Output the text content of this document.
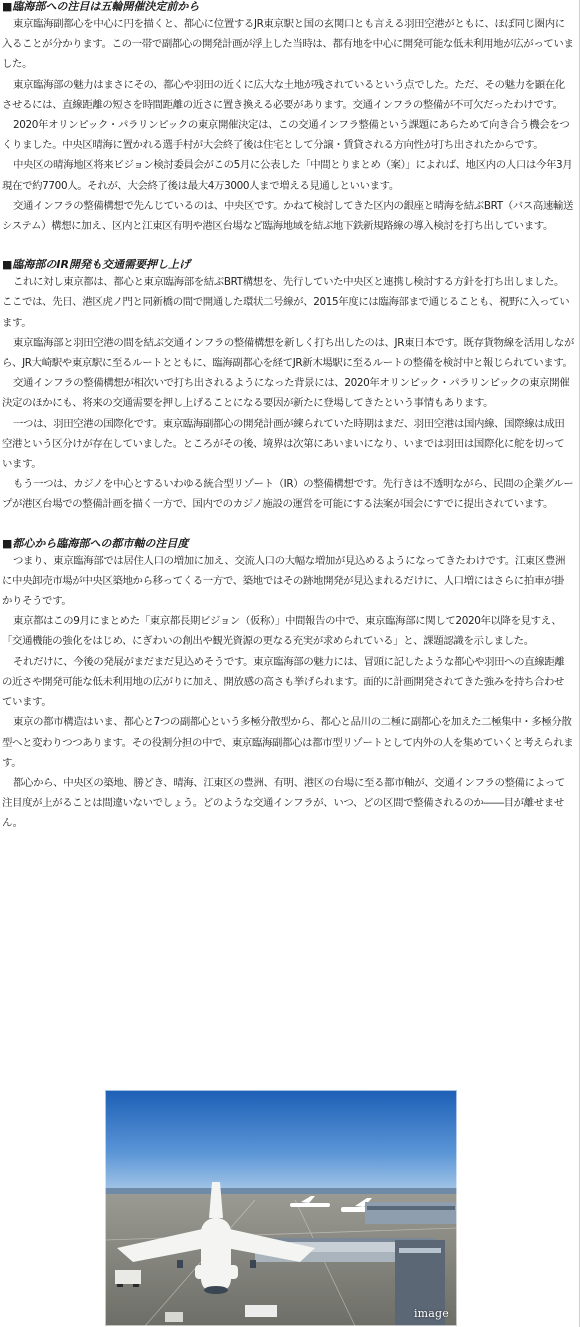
■臨海部への注目は五輪開催決定前から

東京臨海副都心を中心に円を描くと、都心に位置するJR東京駅と国の玄関口とも言える羽田空港がともに、ほぼ同じ圏内に入ることが分かります。この一帯で副都心の開発計画が浮上した当時は、都有地を中心に開発可能な低未利用地が広がっていました。

東京臨海部の魅力はまさにその、都心や羽田の近くに広大な土地が残されているという点でした。ただ、その魅力を顕在化させるには、直線距離の短さを時間距離の近さに置き換える必要があります。交通インフラの整備が不可欠だったわけです。

2020年オリンピック・パラリンピックの東京開催決定は、この交通インフラ整備という課題にあらためて向き合う機会をつくりました。中央区晴海に置かれる選手村が大会終了後は住宅として分譲・賃貸される方向性が打ち出されたからです。

中央区の晴海地区将来ビジョン検討委員会がこの5月に公表した「中間とりまとめ（案）」によれば、地区内の人口は今年3月現在で約7700人。それが、大会終了後は最大4万3000人まで増える見通しといいます。

交通インフラの整備構想で先んじているのは、中央区です。かねて検討してきた区内の銀座と晴海を結ぶBRT（バス高速輸送システム）構想に加え、区内と江東区有明や港区台場など臨海地域を結ぶ地下鉄新規路線の導入検討を打ち出しています。

■臨海部のIR開発も交通需要押し上げ

これに対し東京都は、都心と東京臨海部を結ぶBRT構想を、先行していた中央区と連携し検討する方針を打ち出しました。ここでは、先日、港区虎ノ門と同新橋の間で開通した環状二号線が、2015年度には臨海部まで通じることも、視野に入っています。

東京臨海部と羽田空港の間を結ぶ交通インフラの整備構想を新しく打ち出したのは、JR東日本です。既存貨物線を活用しながら、JR大崎駅や東京駅に至るルートとともに、臨海副都心を経てJR新木場駅に至るルートの整備を検討中と報じられています。

交通インフラの整備構想が相次いで打ち出されるようになった背景には、2020年オリンピック・パラリンピックの東京開催決定のほかにも、将来の交通需要を押し上げることになる要因が新たに登場してきたという事情もあります。

一つは、羽田空港の国際化です。東京臨海副都心の開発計画が練られていた時期はまだ、羽田空港は国内線、国際線は成田空港という区分けが存在していました。ところがその後、境界は次第にあいまいになり、いまでは羽田は国際化に舵を切っています。

もう一つは、カジノを中心とするいわゆる統合型リゾート（IR）の整備構想です。先行きは不透明ながら、民間の企業グループが港区台場での整備計画を描く一方で、国内でのカジノ施設の運営を可能にする法案が国会にすでに提出されています。

■都心から臨海部への都市軸の注目度

つまり、東京臨海部では居住人口の増加に加え、交流人口の大幅な増加が見込めるようになってきたわけです。江東区豊洲に中央卸売市場が中央区築地から移ってくる一方で、築地ではその跡地開発が見込まれるだけに、人口増にはさらに拍車が掛かりそうです。

東京都はこの9月にまとめた「東京都長期ビジョン（仮称）」中間報告の中で、東京臨海部に関して2020年以降を見すえ、「交通機能の強化をはじめ、にぎわいの創出や観光資源の更なる充実が求められている」と、課題認識を示しました。

それだけに、今後の発展がまだまだ見込めそうです。東京臨海部の魅力には、冒頭に記したような都心や羽田への直線距離の近さや開発可能な低未利用地の広がりに加え、開放感の高さも挙げられます。面的に計画開発されてきた強みを持ち合わせています。

東京の都市構造はいま、都心と7つの副都心という多極分散型から、都心と品川の二極に副都心を加えた二極集中・多極分散型へと変わりつつあります。その役割分担の中で、東京臨海副都心は都市型リゾートとして内外の人を集めていくと考えられます。

都心から、中央区の築地、勝どき、晴海、江東区の豊洲、有明、港区の台場に至る都市軸が、交通インフラの整備によって注目度が上がることは間違いないでしょう。どのような交通インフラが、いつ、どの区間で整備されるのか――目が離せません。

image
